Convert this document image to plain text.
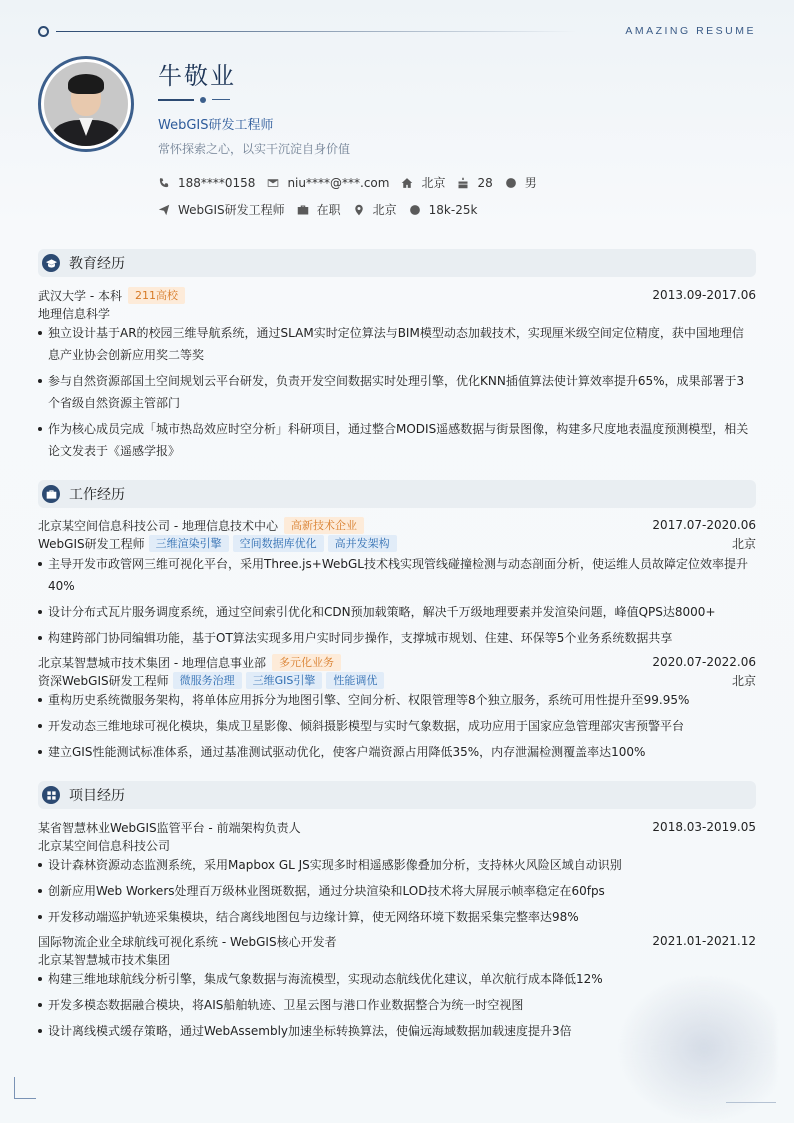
AMAZING RESUME
牛敬业
WebGIS研发工程师
常怀探索之心，以实干沉淀自身价值
188****0158	niu****@***.com	北京	28	男
WebGIS研发工程师	在职	北京	18k-25k
教育经历
武汉大学 - 本科	211高校	2013.09-2017.06
地理信息科学
独立设计基于AR的校园三维导航系统，通过SLAM实时定位算法与BIM模型动态加载技术，实现厘米级空间定位精度，获中国地理信息产业协会创新应用奖二等奖
参与自然资源部国土空间规划云平台研发，负责开发空间数据实时处理引擎，优化KNN插值算法使计算效率提升65%，成果部署于3个省级自然资源主管部门
作为核心成员完成「城市热岛效应时空分析」科研项目，通过整合MODIS遥感数据与街景图像，构建多尺度地表温度预测模型，相关论文发表于《遥感学报》
工作经历
北京某空间信息科技公司 - 地理信息技术中心	高新技术企业	2017.07-2020.06
WebGIS研发工程师	三维渲染引擎	空间数据库优化	高并发架构	北京
主导开发市政管网三维可视化平台，采用Three.js+WebGL技术栈实现管线碰撞检测与动态剖面分析，使运维人员故障定位效率提升40%
设计分布式瓦片服务调度系统，通过空间索引优化和CDN预加载策略，解决千万级地理要素并发渲染问题，峰值QPS达8000+
构建跨部门协同编辑功能，基于OT算法实现多用户实时同步操作，支撑城市规划、住建、环保等5个业务系统数据共享
北京某智慧城市技术集团 - 地理信息事业部	多元化业务	2020.07-2022.06
资深WebGIS研发工程师	微服务治理	三维GIS引擎	性能调优	北京
重构历史系统微服务架构，将单体应用拆分为地图引擎、空间分析、权限管理等8个独立服务，系统可用性提升至99.95%
开发动态三维地球可视化模块，集成卫星影像、倾斜摄影模型与实时气象数据，成功应用于国家应急管理部灾害预警平台
建立GIS性能测试标准体系，通过基准测试驱动优化，使客户端资源占用降低35%，内存泄漏检测覆盖率达100%
项目经历
某省智慧林业WebGIS监管平台 - 前端架构负责人	2018.03-2019.05
北京某空间信息科技公司
设计森林资源动态监测系统，采用Mapbox GL JS实现多时相遥感影像叠加分析，支持林火风险区域自动识别
创新应用Web Workers处理百万级林业图斑数据，通过分块渲染和LOD技术将大屏展示帧率稳定在60fps
开发移动端巡护轨迹采集模块，结合离线地图包与边缘计算，使无网络环境下数据采集完整率达98%
国际物流企业全球航线可视化系统 - WebGIS核心开发者	2021.01-2021.12
北京某智慧城市技术集团
构建三维地球航线分析引擎，集成气象数据与海流模型，实现动态航线优化建议，单次航行成本降低12%
开发多模态数据融合模块，将AIS船舶轨迹、卫星云图与港口作业数据整合为统一时空视图
设计离线模式缓存策略，通过WebAssembly加速坐标转换算法，使偏远海域数据加载速度提升3倍
